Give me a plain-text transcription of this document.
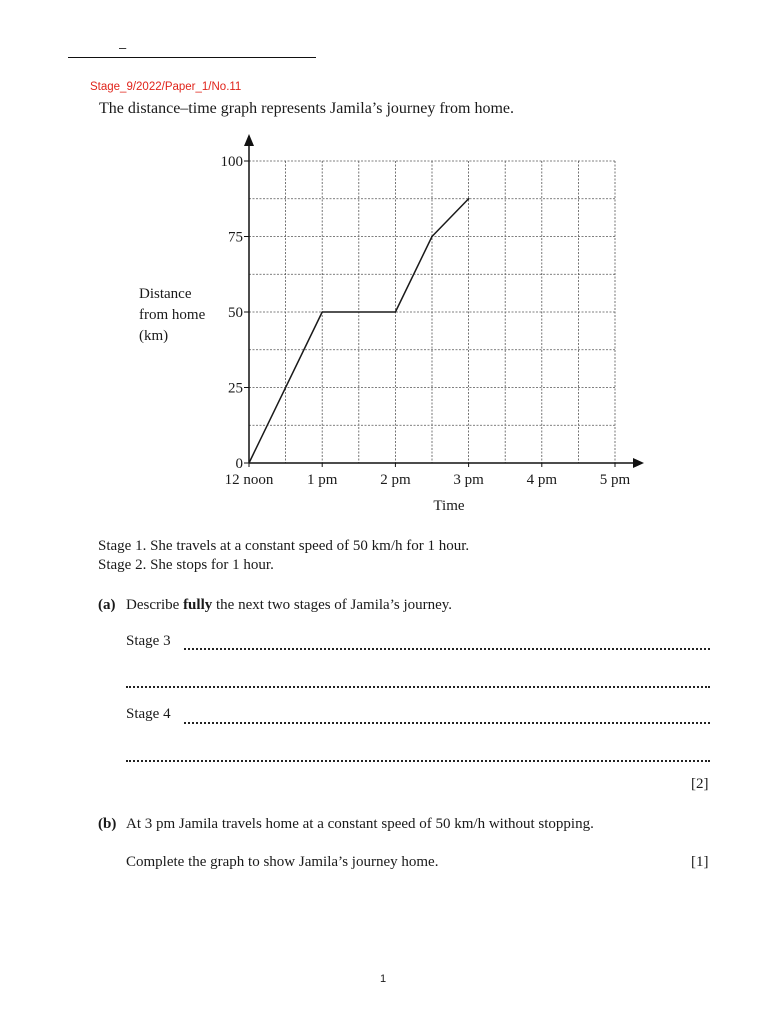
–
Stage_9/2022/Paper_1/No.11
The distance–time graph represents Jamila’s journey from home.
12 noon 1 pm	2 pm	3 pm	4 pm	5 pm
0
25
50
75
100
Time
Distance
from home
(km)
Stage 1. She travels at a constant speed of 50 km/h for 1 hour.
Stage 2. She stops for 1 hour.
(a) Describe fully the next two stages of Jamila’s journey.
Stage 3
Stage 4
[2]
(b) At 3 pm Jamila travels home at a constant speed of 50 km/h without stopping.
Complete the graph to show Jamila’s journey home.	[1]
1
